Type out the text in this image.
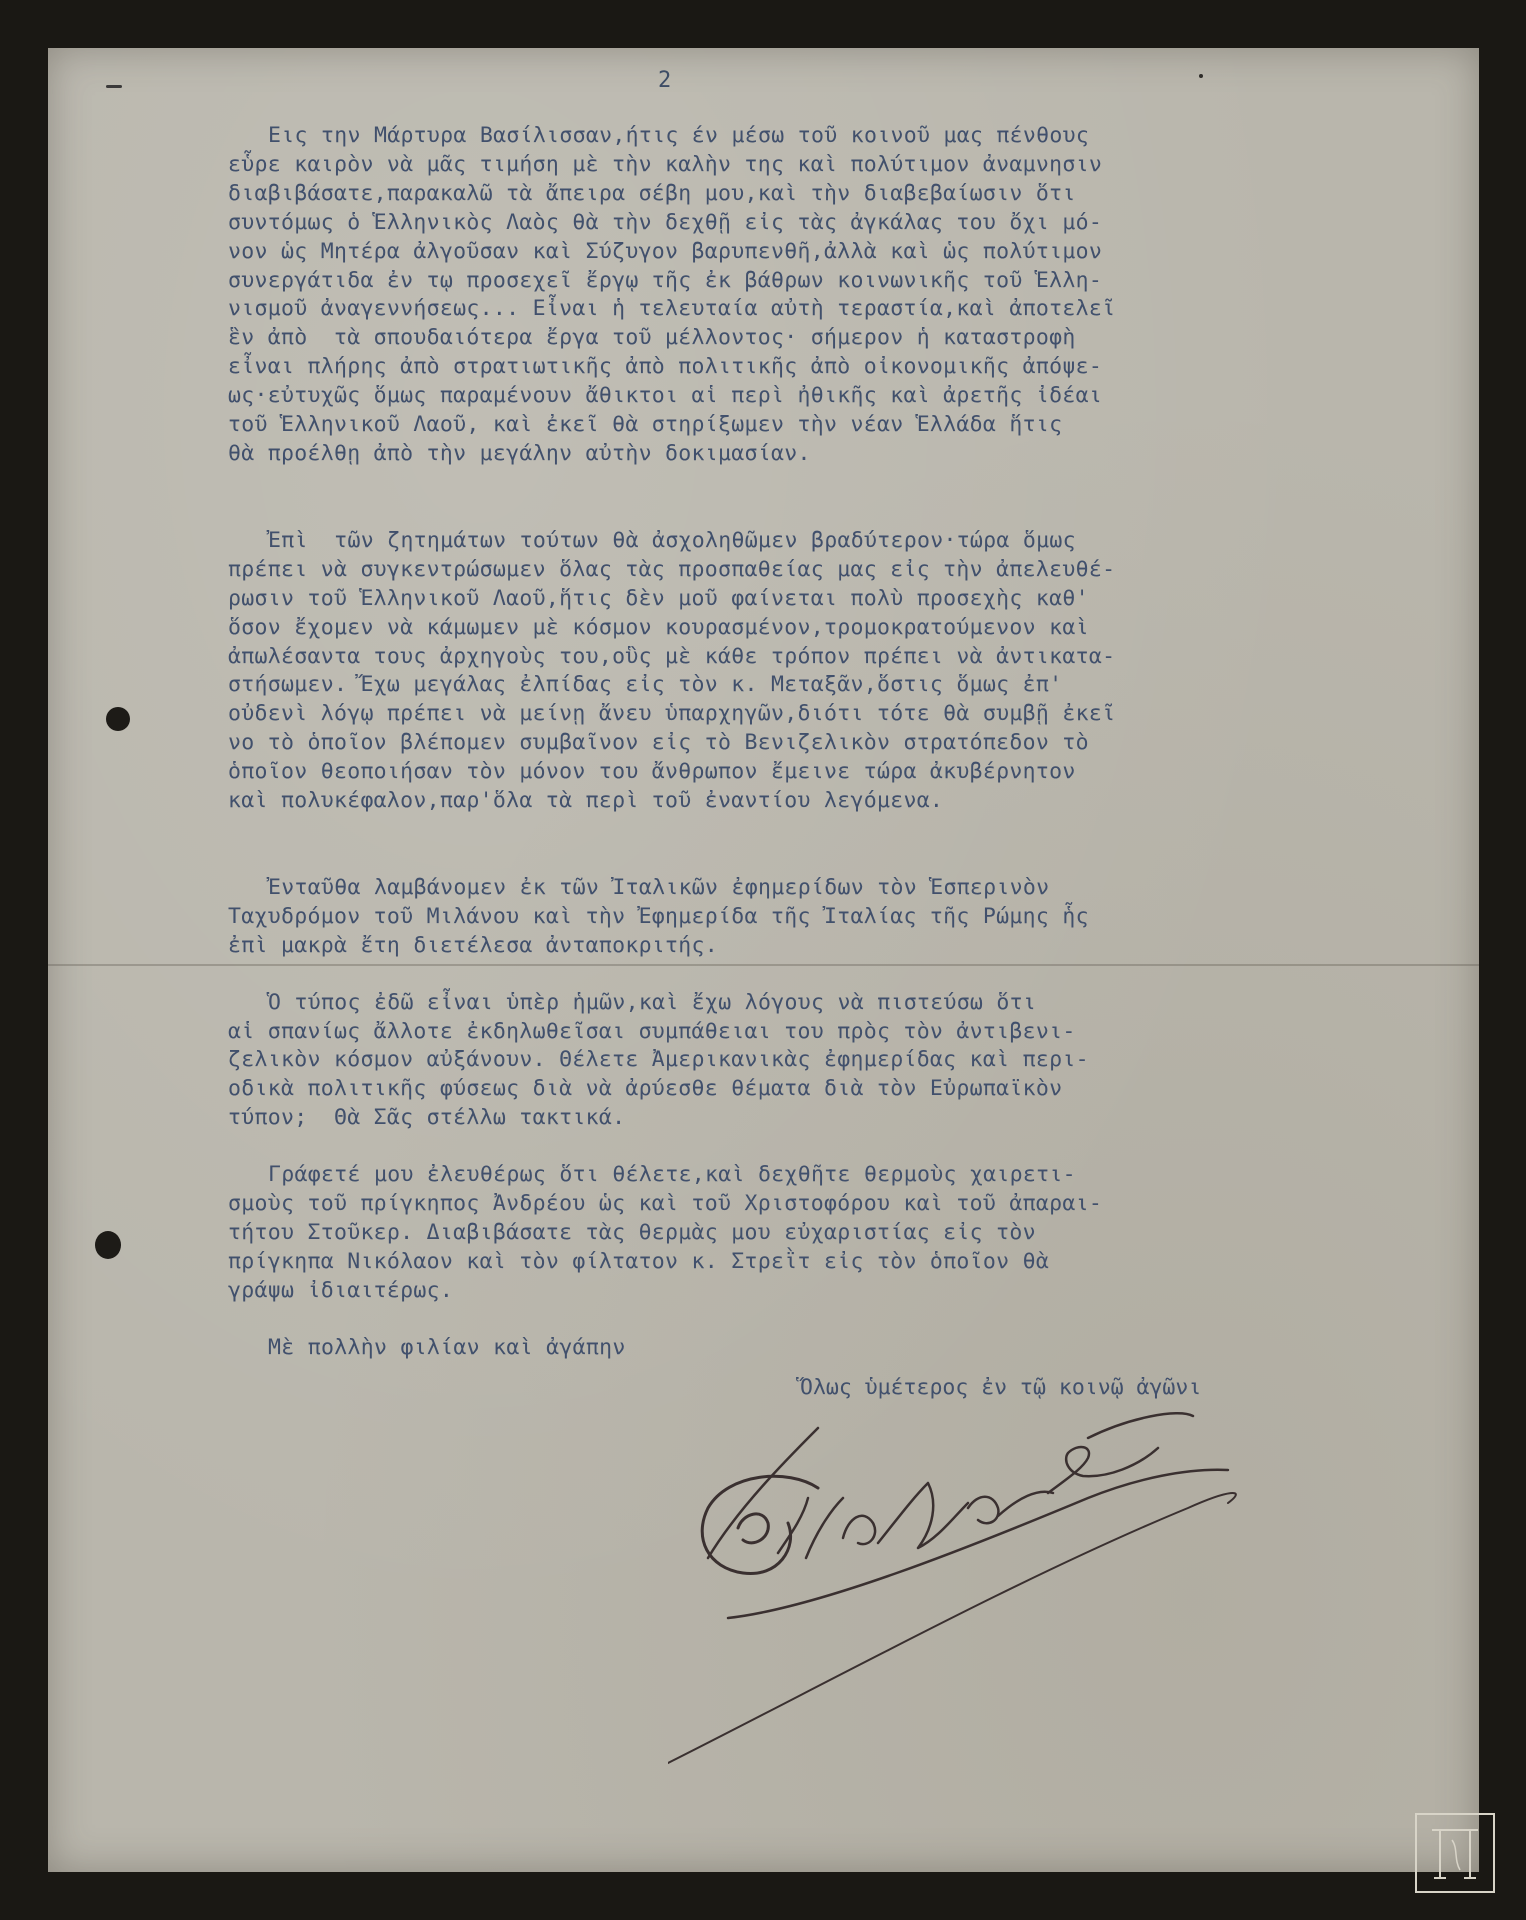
2
Εις την Μάρτυρα Βασίλισσαν,ήτις έν μέσω τοῦ κοινοῦ μας πένθους
εὗρε καιρὸν νὰ μᾶς τιμήση μὲ τὴν καλὴν της καὶ πολύτιμον ἀναμνησιν
διαβιβάσατε,παρακαλῶ τὰ ἄπειρα σέβη μου,καὶ τὴν διαβεβαίωσιν ὅτι
συντόμως ὁ Ἑλληνικὸς Λαὸς θὰ τὴν δεχθῇ εἰς τὰς ἀγκάλας του ὄχι μό-
νον ὡς Μητέρα ἀλγοῦσαν καὶ Σύζυγον βαρυπενθῆ,ἀλλὰ καὶ ὡς πολύτιμον
συνεργάτιδα ἐν τῳ προσεχεῖ ἔργῳ τῆς ἐκ βάθρων κοινωνικῆς τοῦ Ἑλλη-
νισμοῦ ἀναγεννήσεως... Εἶναι ἡ τελευταία αὐτὴ τεραστία,καὶ ἀποτελεῖ
ἓν ἀπὸ  τὰ σπουδαιότερα ἔργα τοῦ μέλλοντος· σήμερον ἡ καταστροφὴ
εἶναι πλήρης ἀπὸ στρατιωτικῆς ἀπὸ πολιτικῆς ἀπὸ οἰκονομικῆς ἀπόψε-
ως·εὐτυχῶς ὅμως παραμένουν ἄθικτοι αἱ περὶ ἠθικῆς καὶ ἀρετῆς ἰδέαι
τοῦ Ἑλληνικοῦ Λαοῦ, καὶ ἐκεῖ θὰ στηρίξωμεν τὴν νέαν Ἑλλάδα ἥτις
θὰ προέλθῃ ἀπὸ τὴν μεγάλην αὐτὴν δοκιμασίαν.
Ἐπὶ  τῶν ζητημάτων τούτων θὰ ἀσχοληθῶμεν βραδύτερον·τώρα ὅμως
πρέπει νὰ συγκεντρώσωμεν ὅλας τὰς προσπαθείας μας εἰς τὴν ἀπελευθέ-
ρωσιν τοῦ Ἑλληνικοῦ Λαοῦ,ἥτις δὲν μοῦ φαίνεται πολὺ προσεχὴς καθ'
ὅσον ἔχομεν νὰ κάμωμεν μὲ κόσμον κουρασμένον,τρομοκρατούμενον καὶ
ἀπωλέσαντα τους ἀρχηγοὺς του,οὓς μὲ κάθε τρόπον πρέπει νὰ ἀντικατα-
στήσωμεν. Ἔχω μεγάλας ἐλπίδας εἰς τὸν κ. Μεταξᾶν,ὅστις ὅμως ἐπ'
οὐδενὶ λόγῳ πρέπει νὰ μείνῃ ἄνευ ὑπαρχηγῶν,διότι τότε θὰ συμβῇ ἐκεῖ
νο τὸ ὁποῖον βλέπομεν συμβαῖνον εἰς τὸ Βενιζελικὸν στρατόπεδον τὸ
ὁποῖον θεοποιήσαν τὸν μόνον του ἄνθρωπον ἔμεινε τώρα ἀκυβέρνητον
καὶ πολυκέφαλον,παρ'ὅλα τὰ περὶ τοῦ ἐναντίου λεγόμενα.
Ἐνταῦθα λαμβάνομεν ἐκ τῶν Ἰταλικῶν ἐφημερίδων τὸν Ἑσπερινὸν
Ταχυδρόμον τοῦ Μιλάνου καὶ τὴν Ἐφημερίδα τῆς Ἰταλίας τῆς Ρώμης ἧς
ἐπὶ μακρὰ ἔτη διετέλεσα ἀνταποκριτής.
Ὁ τύπος ἐδῶ εἶναι ὑπὲρ ἡμῶν,καὶ ἔχω λόγους νὰ πιστεύσω ὅτι
αἱ σπανίως ἄλλοτε ἐκδηλωθεῖσαι συμπάθειαι του πρὸς τὸν ἀντιβενι-
ζελικὸν κόσμον αὐξάνουν. Θέλετε Ἀμερικανικὰς ἐφημερίδας καὶ περι-
οδικὰ πολιτικῆς φύσεως διὰ νὰ ἀρύεσθε θέματα διὰ τὸν Εὐρωπαϊκὸν
τύπον;  Θὰ Σᾶς στέλλω τακτικά.
Γράφετέ μου ἐλευθέρως ὅτι θέλετε,καὶ δεχθῆτε θερμοὺς χαιρετι-
σμοὺς τοῦ πρίγκηπος Ἀνδρέου ὡς καὶ τοῦ Χριστοφόρου καὶ τοῦ ἀπαραι-
τήτου Στοῦκερ. Διαβιβάσατε τὰς θερμὰς μου εὐχαριστίας εἰς τὸν
πρίγκηπα Νικόλαον καὶ τὸν φίλτατον κ. Στρεῒτ εἰς τὸν ὁποῖον θὰ
γράψω ἰδιαιτέρως.
Μὲ πολλὴν φιλίαν καὶ ἀγάπην
Ὅλως ὑμέτερος ἐν τῷ κοινῷ ἀγῶνι
